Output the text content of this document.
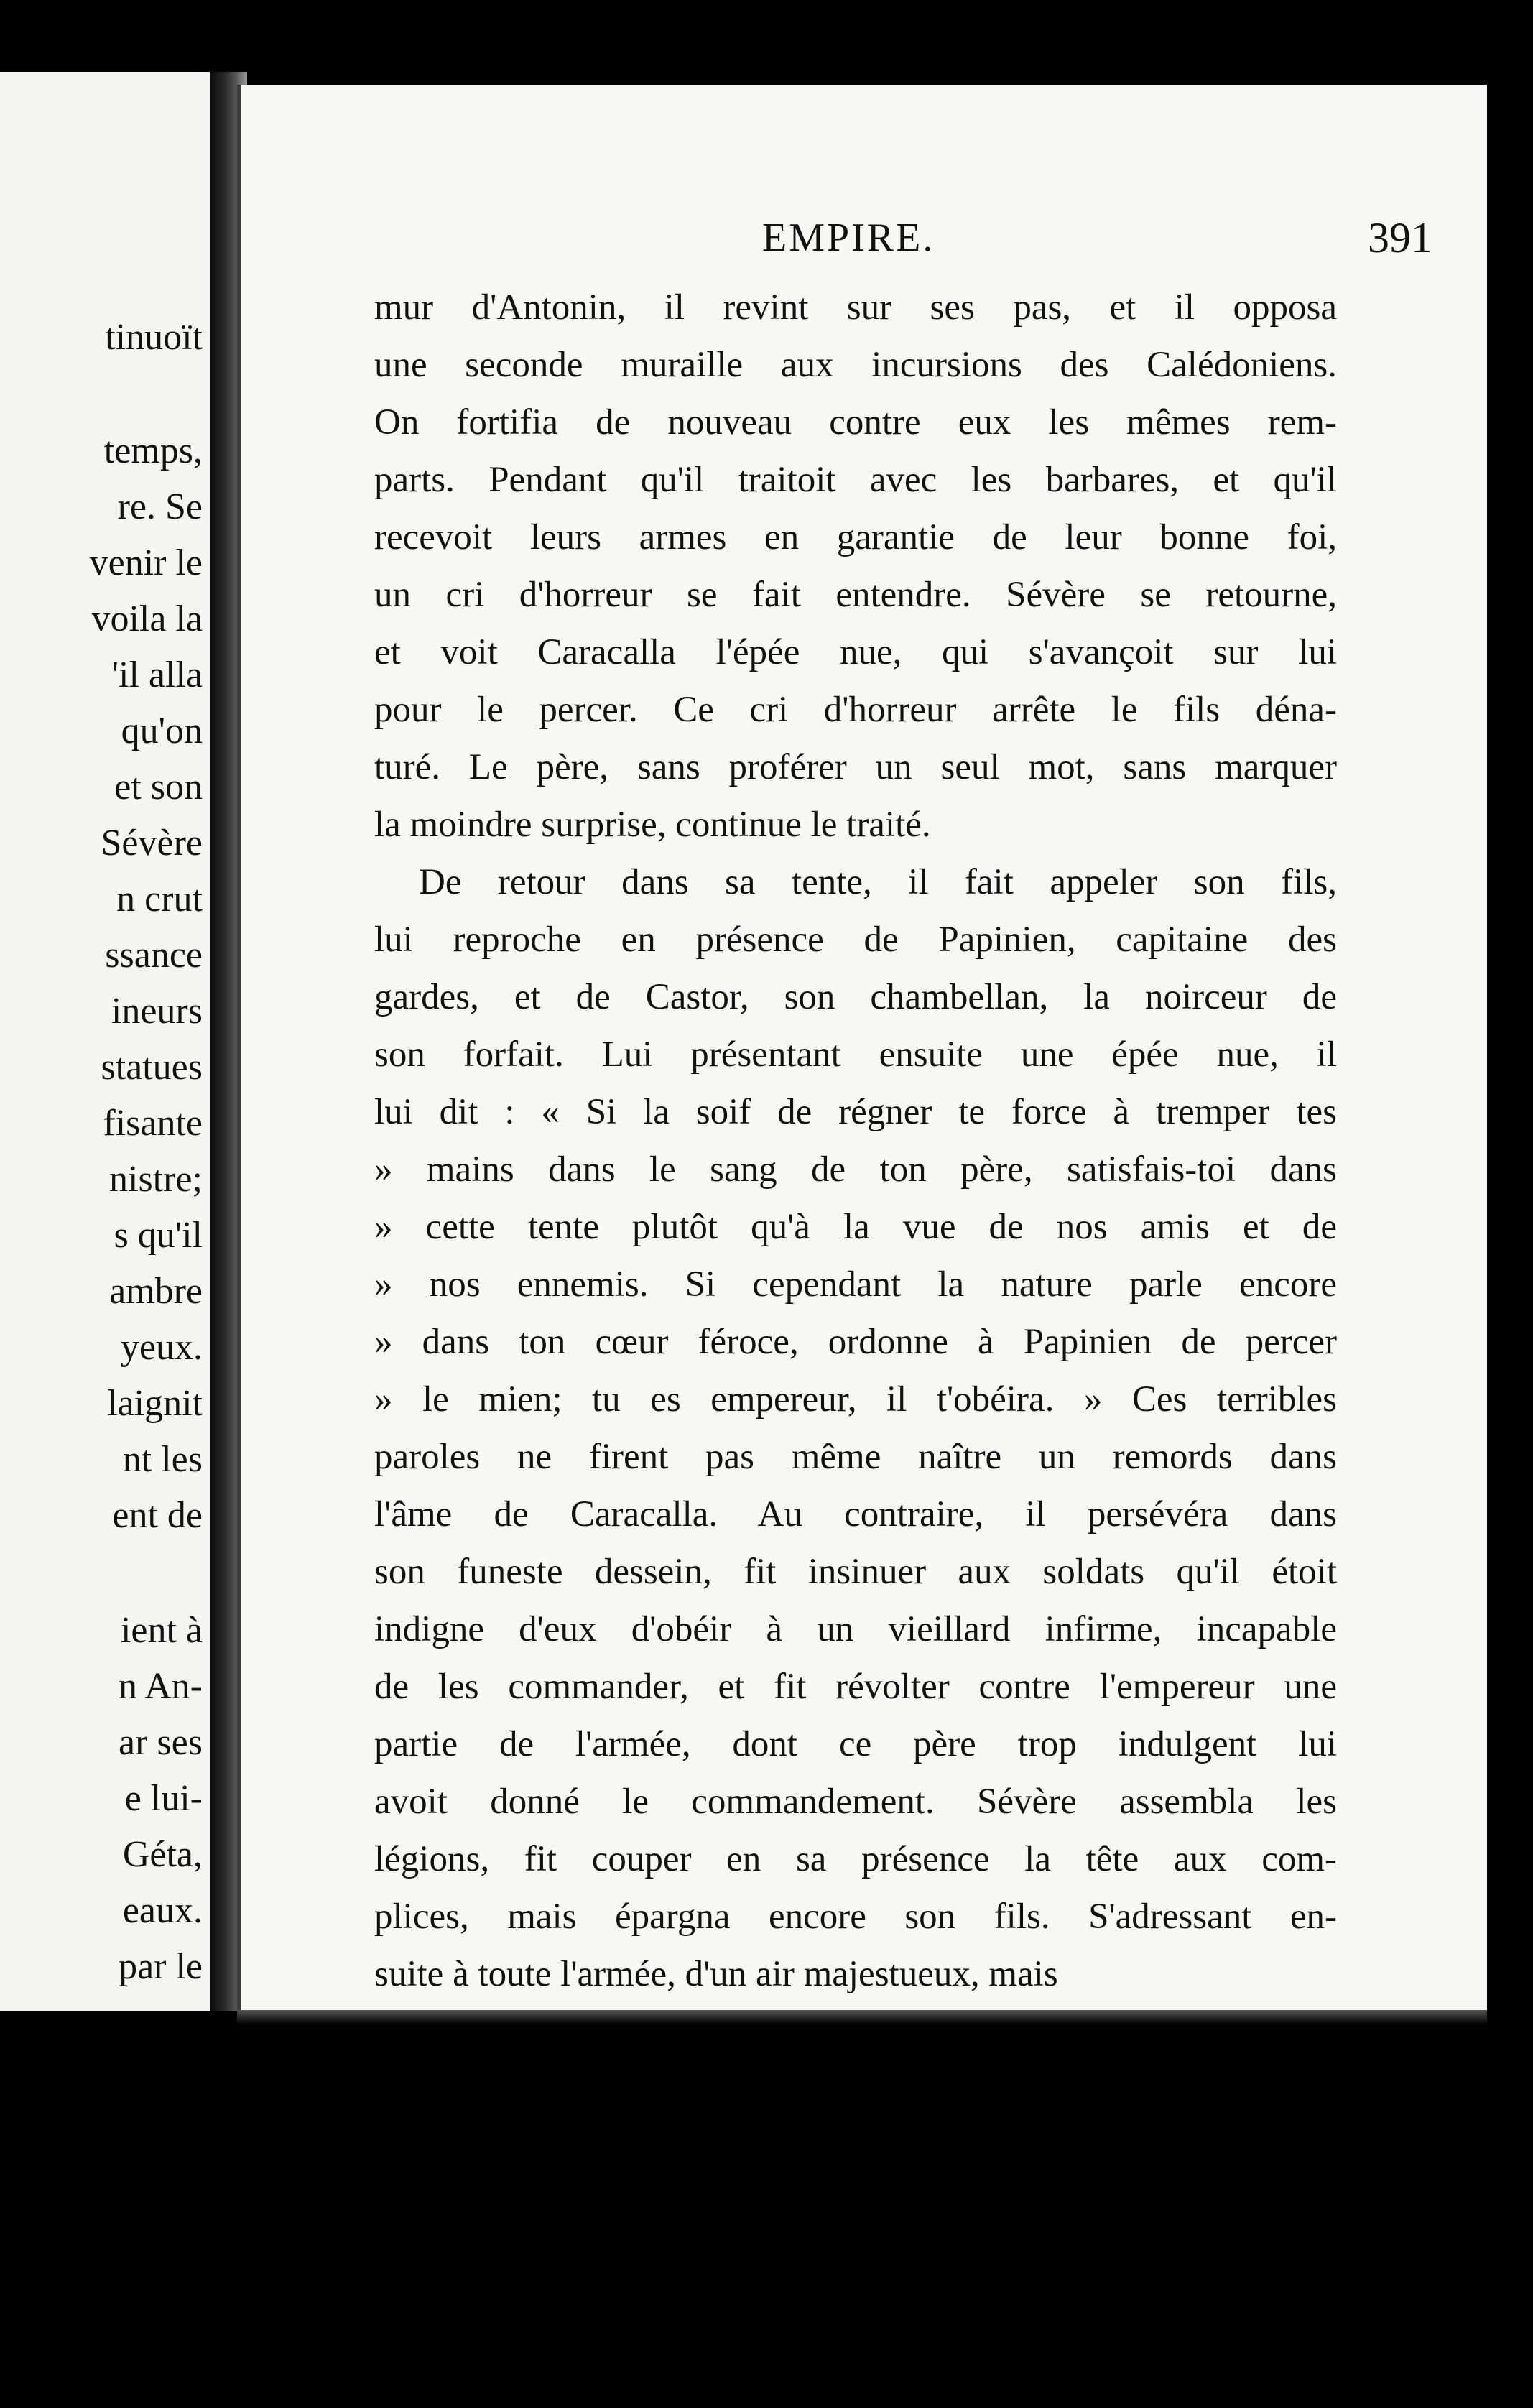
tinuoït
temps,
re. Se
venir le
voila la
'il alla
qu'on
et son
Sévère
n crut
ssance
ineurs
statues
fisante
nistre;
s qu'il
ambre
yeux.
laignit
nt les
ent de
ient à
n An-
ar ses
e lui-
Géta,
eaux.
par le
EMPIRE.	391
mur d'Antonin, il revint sur ses pas, et il opposa
une seconde muraille aux incursions des Calédoniens.
On fortifia de nouveau contre eux les mêmes rem-
parts. Pendant qu'il traitoit avec les barbares, et qu'il
recevoit leurs armes en garantie de leur bonne foi,
un cri d'horreur se fait entendre. Sévère se retourne,
et voit Caracalla l'épée nue, qui s'avançoit sur lui
pour le percer. Ce cri d'horreur arrête le fils déna-
turé. Le père, sans proférer un seul mot, sans marquer
la moindre surprise, continue le traité.
De retour dans sa tente, il fait appeler son fils,
lui reproche en présence de Papinien, capitaine des
gardes, et de Castor, son chambellan, la noirceur de
son forfait. Lui présentant ensuite une épée nue, il
lui dit : « Si la soif de régner te force à tremper tes
» mains dans le sang de ton père, satisfais-toi dans
» cette tente plutôt qu'à la vue de nos amis et de
» nos ennemis. Si cependant la nature parle encore
» dans ton cœur féroce, ordonne à Papinien de percer
» le mien; tu es empereur, il t'obéira. » Ces terribles
paroles ne firent pas même naître un remords dans
l'âme de Caracalla. Au contraire, il persévéra dans
son funeste dessein, fit insinuer aux soldats qu'il étoit
indigne d'eux d'obéir à un vieillard infirme, incapable
de les commander, et fit révolter contre l'empereur une
partie de l'armée, dont ce père trop indulgent lui
avoit donné le commandement. Sévère assembla les
légions, fit couper en sa présence la tête aux com-
plices, mais épargna encore son fils. S'adressant en-
suite à toute l'armée, d'un air majestueux, mais
